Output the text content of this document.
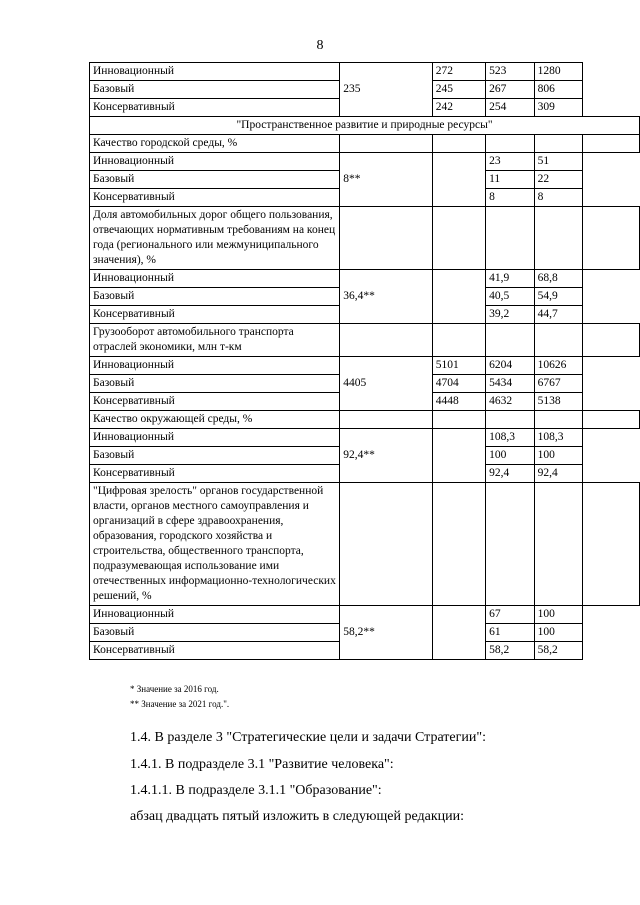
8
Инновационный	235	272	523	1280	
Базовый		245	267	806	
Консервативный		242	254	309	
"Пространственное развитие и природные ресурсы"					
Качество городской среды, %					
Инновационный	8**		23	51	
Базовый			11	22	
Консервативный			8	8	
Доля автомобильных дорог общего пользования, отвечающих нормативным требованиям на конец года (регионального или межмуниципального значения), %					
Инновационный	36,4**		41,9	68,8	
Базовый			40,5	54,9	
Консервативный			39,2	44,7	
Грузооборот автомобильного транспорта отраслей экономики, млн т-км					
Инновационный	4405	5101	6204	10626	
Базовый		4704	5434	6767	
Консервативный		4448	4632	5138	
Качество окружающей среды, %					
Инновационный	92,4**		108,3	108,3	
Базовый			100	100	
Консервативный			92,4	92,4	
"Цифровая зрелость" органов государственной власти, органов местного самоуправления и организаций в сфере здравоохранения, образования, городского хозяйства и строительства, общественного транспорта, подразумевающая использование ими отечественных информационно-технологических решений, %					
Инновационный	58,2**		67	100	
Базовый			61	100	
Консервативный			58,2	58,2	
* Значение за 2016 год.
** Значение за 2021 год.".
1.4. В разделе 3 "Стратегические цели и задачи Стратегии":
1.4.1. В подразделе 3.1 "Развитие человека":
1.4.1.1. В подразделе 3.1.1 "Образование":
абзац двадцать пятый изложить в следующей редакции:
